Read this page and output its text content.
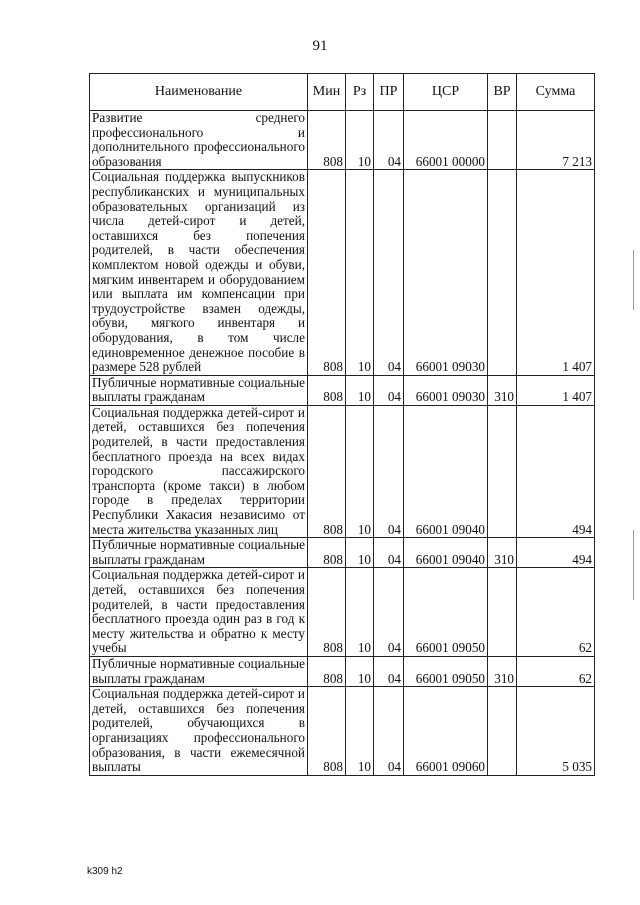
91
Наименование	Мин	Рз	ПР	ЦСР	ВР	Сумма
Развитие среднего профессионального и дополнительного профессионального образования	808	10	04	66001 00000		7 213
Социальная поддержка выпускников республиканских и муниципальных образовательных организаций из числа детей-сирот и детей, оставшихся без попечения родителей, в части обеспечения комплектом новой одежды и обуви, мягким инвентарем и оборудованием или выплата им компенсации при трудоустройстве взамен одежды, обуви, мягкого инвентаря и оборудования, в том числе единовременное денежное пособие в размере 528 рублей	808	10	04	66001 09030		1 407
Публичные нормативные социальные выплаты гражданам	808	10	04	66001 09030	310	1 407
Социальная поддержка детей-сирот и детей, оставшихся без попечения родителей, в части предоставления бесплатного проезда на всех видах городского пассажирского транспорта (кроме такси) в любом городе в пределах территории Республики Хакасия независимо от места жительства указанных лиц	808	10	04	66001 09040		494
Публичные нормативные социальные выплаты гражданам	808	10	04	66001 09040	310	494
Социальная поддержка детей-сирот и детей, оставшихся без попечения родителей, в части предоставления бесплатного проезда один раз в год к месту жительства и обратно к месту учебы	808	10	04	66001 09050		62
Публичные нормативные социальные выплаты гражданам	808	10	04	66001 09050	310	62
Социальная поддержка детей-сирот и детей, оставшихся без попечения родителей, обучающихся в организациях профессионального образования, в части ежемесячной выплаты	808	10	04	66001 09060		5 035
k309 h2
